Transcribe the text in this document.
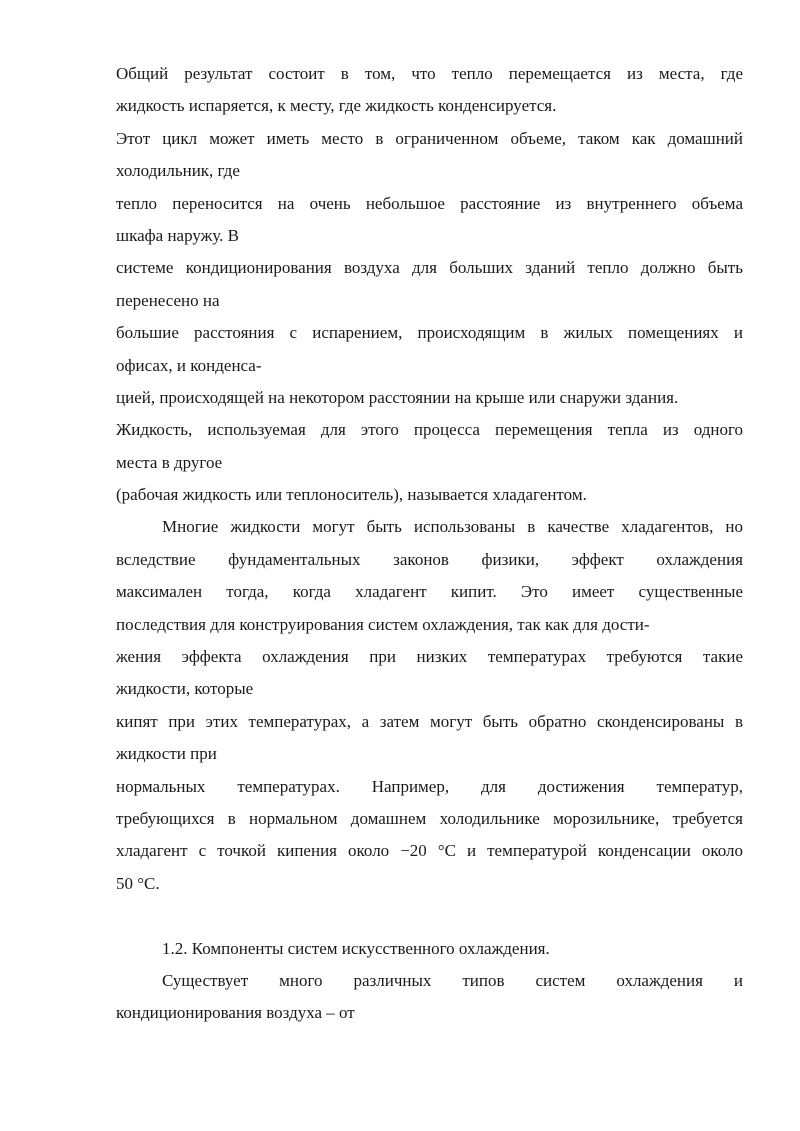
Общий результат состоит в том, что тепло перемещается из места, где
жидкость испаряется, к месту, где жидкость конденсируется.
Этот цикл может иметь место в ограниченном объеме, таком как домашний
холодильник, где
тепло переносится на очень небольшое расстояние из внутреннего объема
шкафа наружу. В
системе кондиционирования воздуха для больших зданий тепло должно быть
перенесено на
большие расстояния с испарением, происходящим в жилых помещениях и
офисах, и конденса-
цией, происходящей на некотором расстоянии на крыше или снаружи здания.
Жидкость, используемая для этого процесса перемещения тепла из одного
места в другое
(рабочая жидкость или теплоноситель), называется хладагентом.
Многие жидкости могут быть использованы в качестве хладагентов, но
вследствие фундаментальных законов физики, эффект охлаждения
максимален тогда, когда хладагент кипит. Это имеет существенные
последствия для конструирования систем охлаждения, так как для дости-
жения эффекта охлаждения при низких температурах требуются такие
жидкости, которые
кипят при этих температурах, а затем могут быть обратно сконденсированы в
жидкости при
нормальных температурах. Например, для достижения температур,
требующихся в нормальном домашнем холодильнике морозильнике, требуется
хладагент с точкой кипения около −20 °C и температурой конденсации около
50 °C.
1.2. Компоненты систем искусственного охлаждения.
Существует много различных типов систем охлаждения и
кондиционирования воздуха – от
